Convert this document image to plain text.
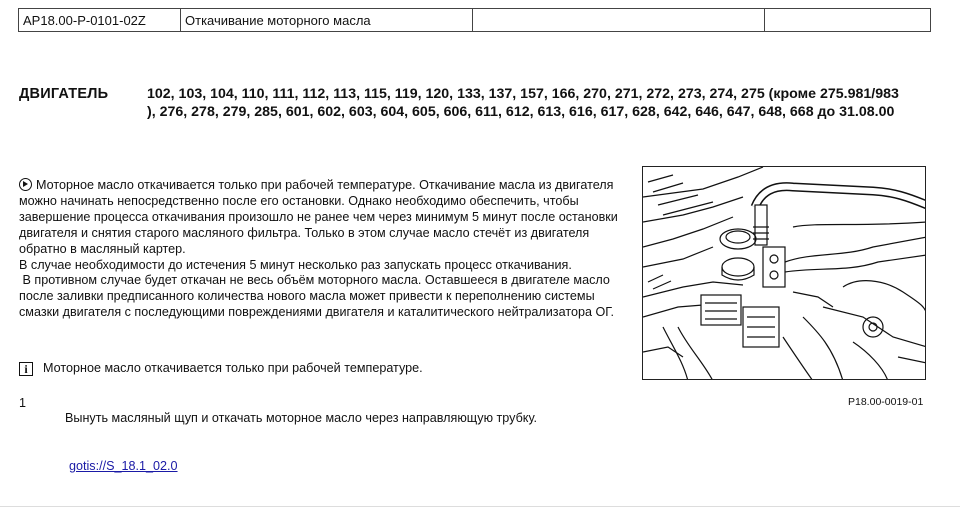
AP18.00-P-0101-02Z	Откачивание моторного масла		
ДВИГАТЕЛЬ	102, 103, 104, 110, 111, 112, 113, 115, 119, 120, 133, 137, 157, 166, 270, 271, 272, 273, 274, 275 (кроме 275.981/983 ), 276, 278, 279, 285, 601, 602, 603, 604, 605, 606, 611, 612, 613, 616, 617, 628, 642, 646, 647, 648, 668 до 31.08.00

Моторное масло откачивается только при рабочей температуре. Откачивание масла из двигателя можно начинать непосредственно после его остановки. Однако необходимо обеспечить, чтобы завершение процесса откачивания произошло не ранее чем через минимум 5 минут после остановки двигателя и снятия старого масляного фильтра. Только в этом случае масло стечёт из двигателя обратно в масляный картер.

В случае необходимости до истечения 5 минут несколько раз запускать процесс откачивания.

В противном случае будет откачан не весь объём моторного масла. Оставшееся в двигателе масло после заливки предписанного количества нового масла может привести к переполнению системы смазки двигателя с последующими повреждениями двигателя и каталитического нейтрализатора ОГ.

i Моторное масло откачивается только при рабочей температуре.
P18.00-0019-01
1
Вынуть масляный щуп и откачать моторное масло через направляющую трубку.
gotis://S_18.1_02.0
